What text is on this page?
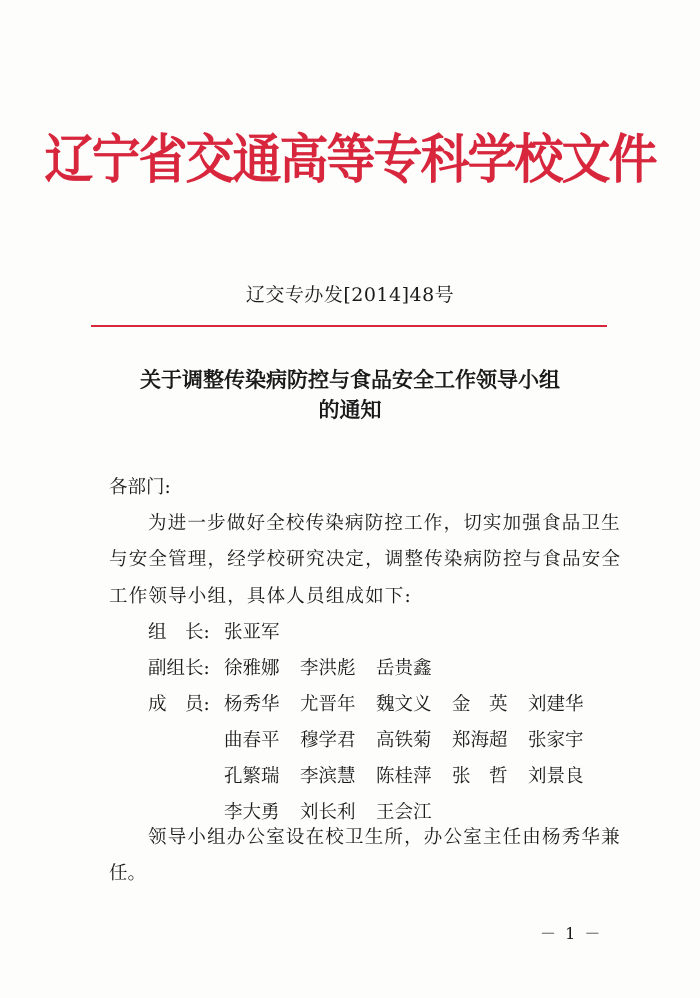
辽宁省交通高等专科学校文件
辽交专办发[2014]48号
关于调整传染病防控与食品安全工作领导小组
的通知
各部门:
为进一步做好全校传染病防控工作，切实加强食品卫生
与安全管理，经学校研究决定，调整传染病防控与食品安全
工作领导小组，具体人员组成如下:
组　长: 张亚军
副组长: 徐雅娜 李洪彪 岳贵鑫
成　员: 杨秀华 尤晋年 魏文义 金　英 刘建华
曲春平 穆学君 高铁菊 郑海超 张家宇
孔繁瑞 李滨慧 陈桂萍 张　哲 刘景良
李大勇 刘长利 王会江
领导小组办公室设在校卫生所，办公室主任由杨秀华兼
任。
－ 1 －
